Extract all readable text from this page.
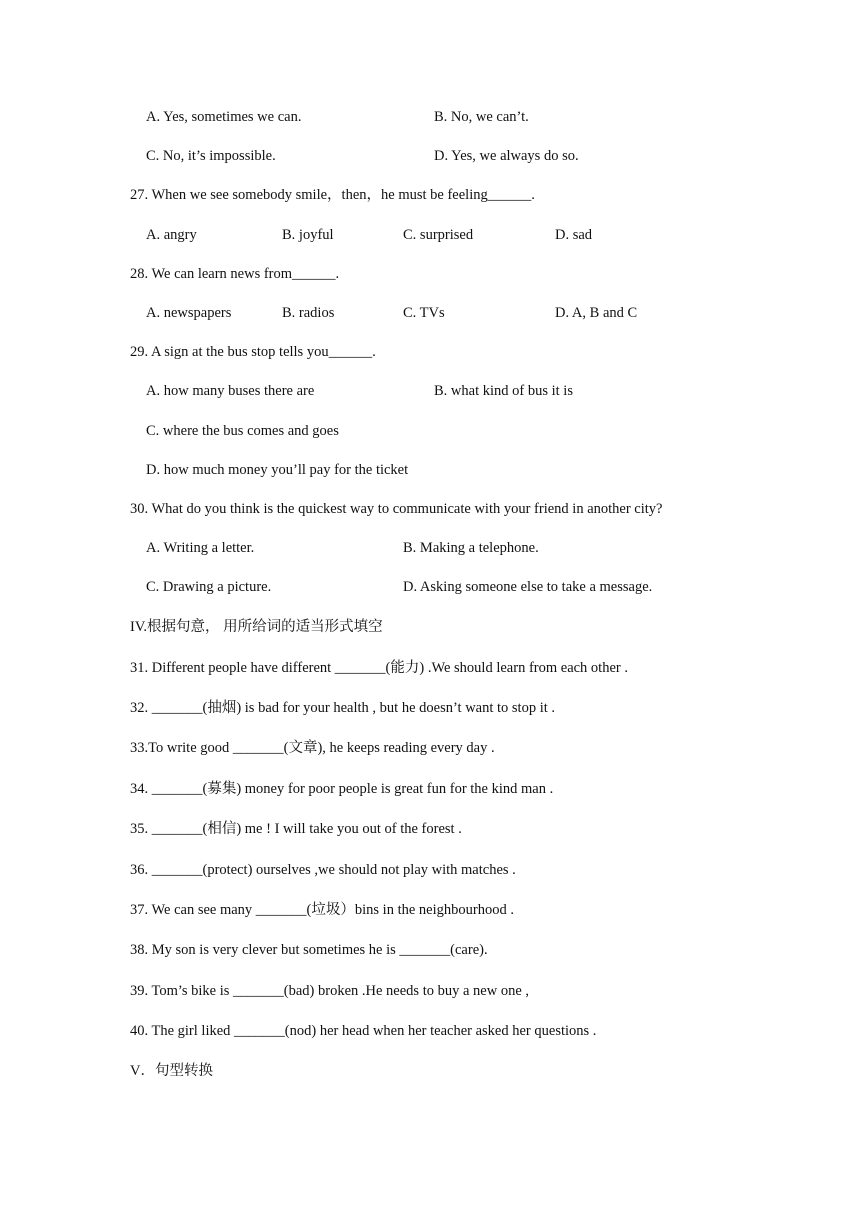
A. Yes, sometimes we can.	B. No, we can’t.
C. No, it’s impossible.	D. Yes, we always do so.
27. When we see somebody smile，then，he must be feeling______.
A. angry	B. joyful	C. surprised	D. sad
28. We can learn news from______.
A. newspapers	B. radios	C. TVs	D. A, B and C
29. A sign at the bus stop tells you______.
A. how many buses there are	B. what kind of bus it is
C. where the bus comes and goes
D. how much money you’ll pay for the ticket
30. What do you think is the quickest way to communicate with your friend in another city?
A. Writing a letter.	B. Making a telephone.
C. Drawing a picture.	D. Asking someone else to take a message.
IV.根据句意， 用所给词的适当形式填空
31. Different people have different _______(能力) .We should learn from each other .
32. _______(抽烟) is bad for your health , but he doesn’t want to stop it .
33.To write good _______(文章), he keeps reading every day .
34. _______(募集) money for poor people is great fun for the kind man .
35. _______(相信) me ! I will take you out of the forest .
36. _______(protect) ourselves ,we should not play with matches .
37. We can see many _______(垃圾）bins in the neighbourhood .
38. My son is very clever but sometimes he is _______(care).
39. Tom’s bike is _______(bad) broken .He needs to buy a new one ,
40. The girl liked _______(nod) her head when her teacher asked her questions .
V．句型转换
